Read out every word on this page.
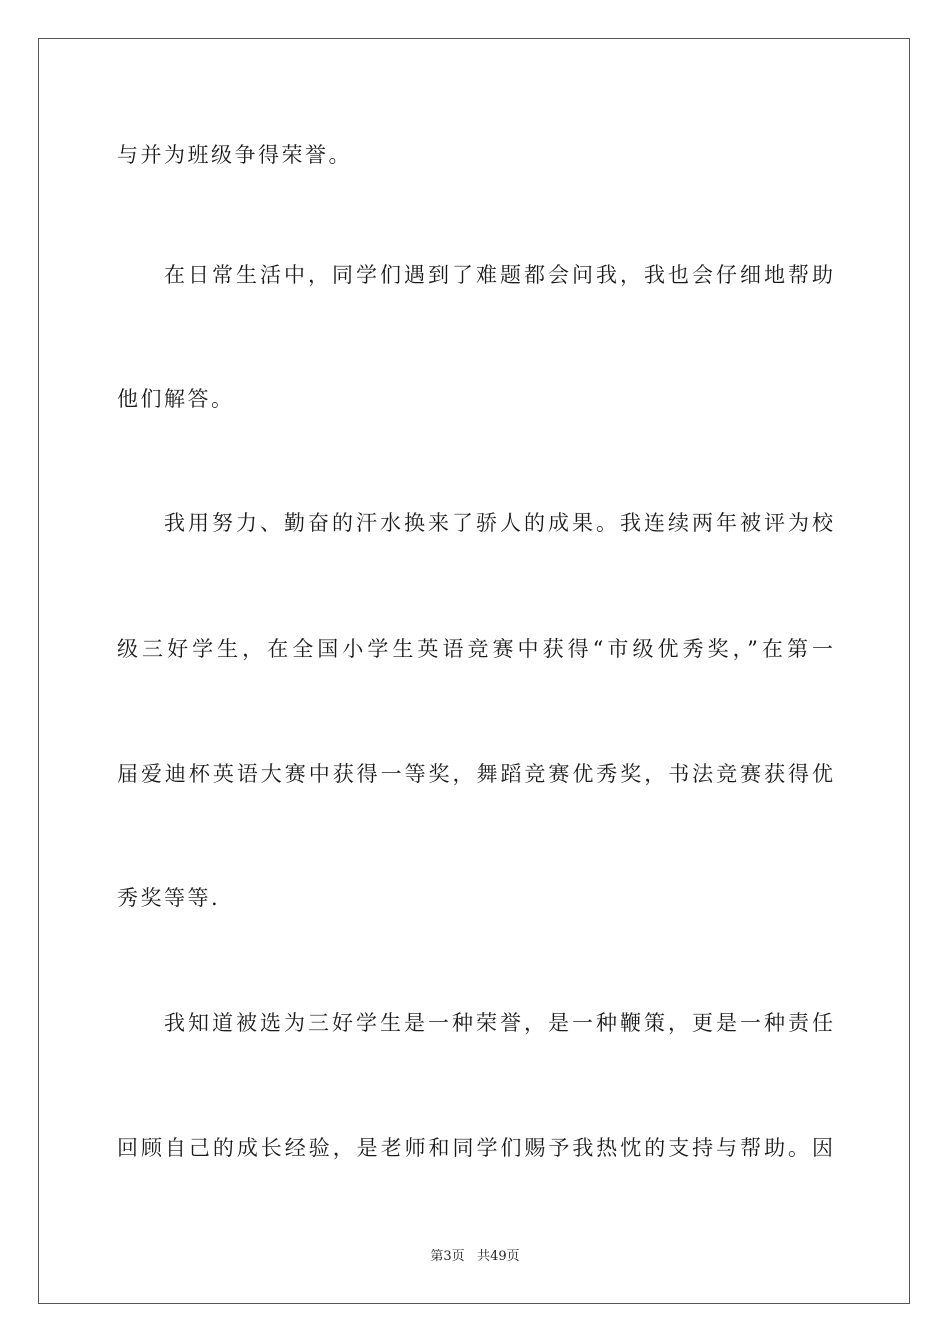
与并为班级争得荣誉。
在日常生活中，同学们遇到了难题都会问我，我也会仔细地帮助
他们解答。
我用努力、勤奋的汗水换来了骄人的成果。我连续两年被评为校
级三好学生，在全国小学生英语竞赛中获得“市级优秀奖，”在第一
届爱迪杯英语大赛中获得一等奖，舞蹈竞赛优秀奖，书法竞赛获得优
秀奖等等.
我知道被选为三好学生是一种荣誉，是一种鞭策，更是一种责任
回顾自己的成长经验，是老师和同学们赐予我热忱的支持与帮助。因
第3页 共49页
